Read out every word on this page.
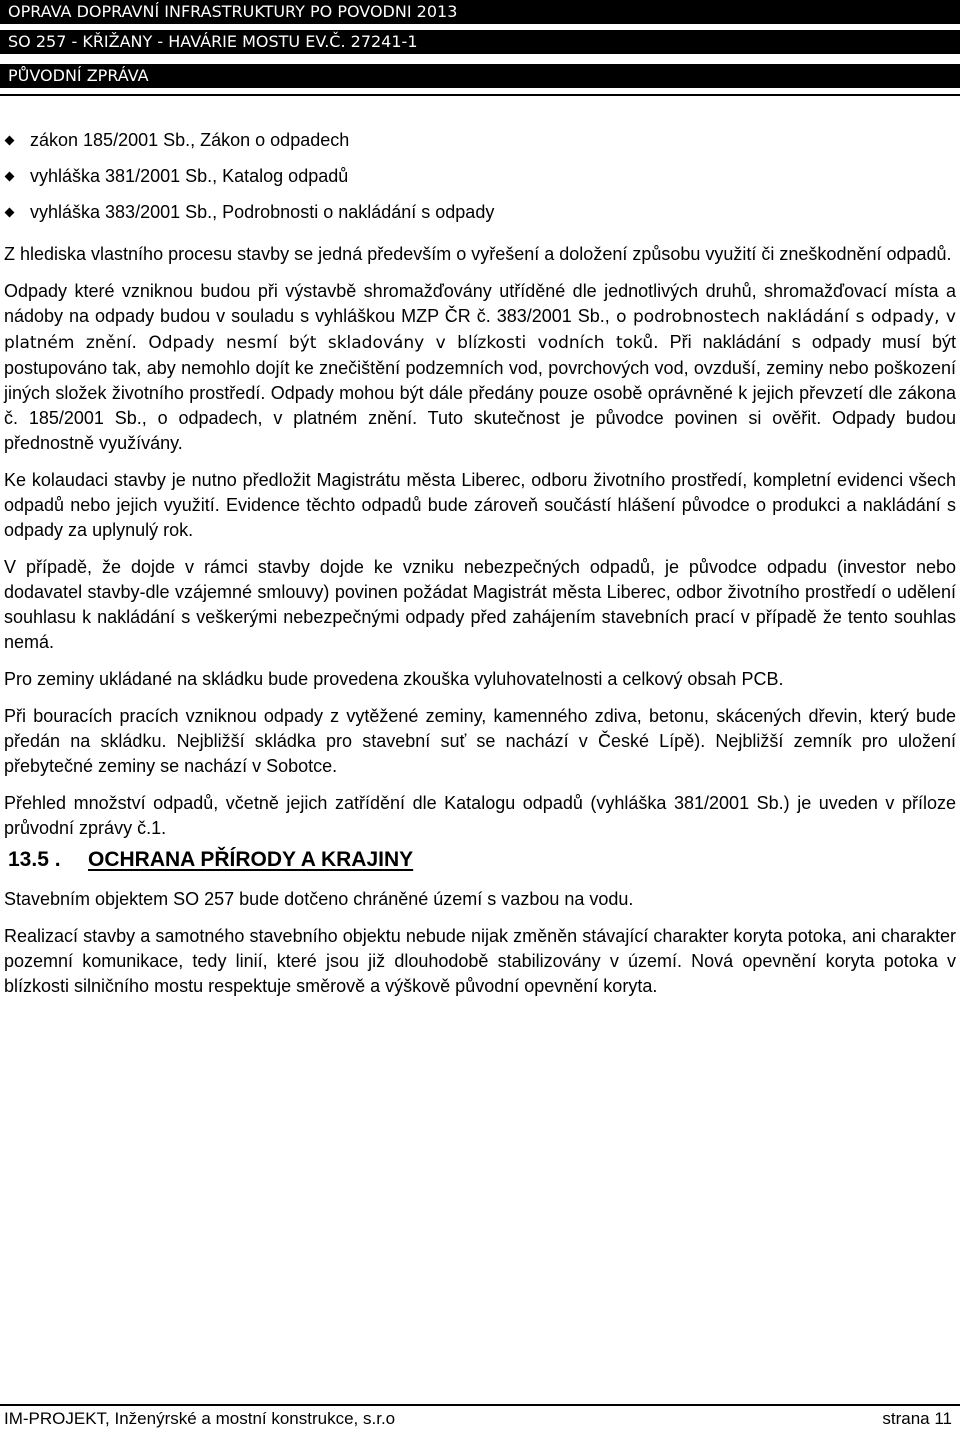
OPRAVA DOPRAVNÍ INFRASTRUKTURY PO POVODNI 2013
SO 257 - KŘIŽANY - HAVÁRIE MOSTU EV.Č. 27241-1
PŮVODNÍ ZPRÁVA
zákon 185/2001 Sb., Zákon o odpadech
vyhláška 381/2001 Sb., Katalog odpadů
vyhláška 383/2001 Sb., Podrobnosti o nakládání s odpady

Z hlediska vlastního procesu stavby se jedná především o vyřešení a doložení způsobu využití či zneškodnění odpadů.

Odpady které vzniknou budou při výstavbě shromažďovány utříděné dle jednotlivých druhů, shromažďovací místa a nádoby na odpady budou v souladu s vyhláškou MZP ČR č. 383/2001 Sb., o podrobnostech nakládání s odpady, v platném znění. Odpady nesmí být skladovány v blízkosti vodních toků. Při nakládání s odpady musí být postupováno tak, aby nemohlo dojít ke znečištění podzemních vod, povrchových vod, ovzduší, zeminy nebo poškození jiných složek životního prostředí. Odpady mohou být dále předány pouze osobě oprávněné k jejich převzetí dle zákona č. 185/2001 Sb., o odpadech, v platném znění. Tuto skutečnost je původce povinen si ověřit. Odpady budou přednostně využívány.

Ke kolaudaci stavby je nutno předložit Magistrátu města Liberec, odboru životního prostředí, kompletní evidenci všech odpadů nebo jejich využití. Evidence těchto odpadů bude zároveň součástí hlášení původce o produkci a nakládání s odpady za uplynulý rok.

V případě, že dojde v rámci stavby dojde ke vzniku nebezpečných odpadů, je původce odpadu (investor nebo dodavatel stavby-dle vzájemné smlouvy) povinen požádat Magistrát města Liberec, odbor životního prostředí o udělení souhlasu k nakládání s veškerými nebezpečnými odpady před zahájením stavebních prací v případě že tento souhlas nemá.

Pro zeminy ukládané na skládku bude provedena zkouška vyluhovatelnosti a celkový obsah PCB.

Při bouracích pracích vzniknou odpady z vytěžené zeminy, kamenného zdiva, betonu, skácených dřevin, který bude předán na skládku. Nejbližší skládka pro stavební suť se nachází v České Lípě). Nejbližší zemník pro uložení přebytečné zeminy se nachází v Sobotce.

Přehled množství odpadů, včetně jejich zatřídění dle Katalogu odpadů (vyhláška 381/2001 Sb.) je uveden v příloze průvodní zprávy č.1.

13.5 .	OCHRANA PŘÍRODY A KRAJINY

Stavebním objektem SO 257 bude dotčeno chráněné území s vazbou na vodu.

Realizací stavby a samotného stavebního objektu nebude nijak změněn stávající charakter koryta potoka, ani charakter pozemní komunikace, tedy linií, které jsou již dlouhodobě stabilizovány v území. Nová opevnění koryta potoka v blízkosti silničního mostu respektuje směrově a výškově původní opevnění koryta.

IM-PROJEKT, Inženýrské a mostní konstrukce, s.r.o	strana 11
